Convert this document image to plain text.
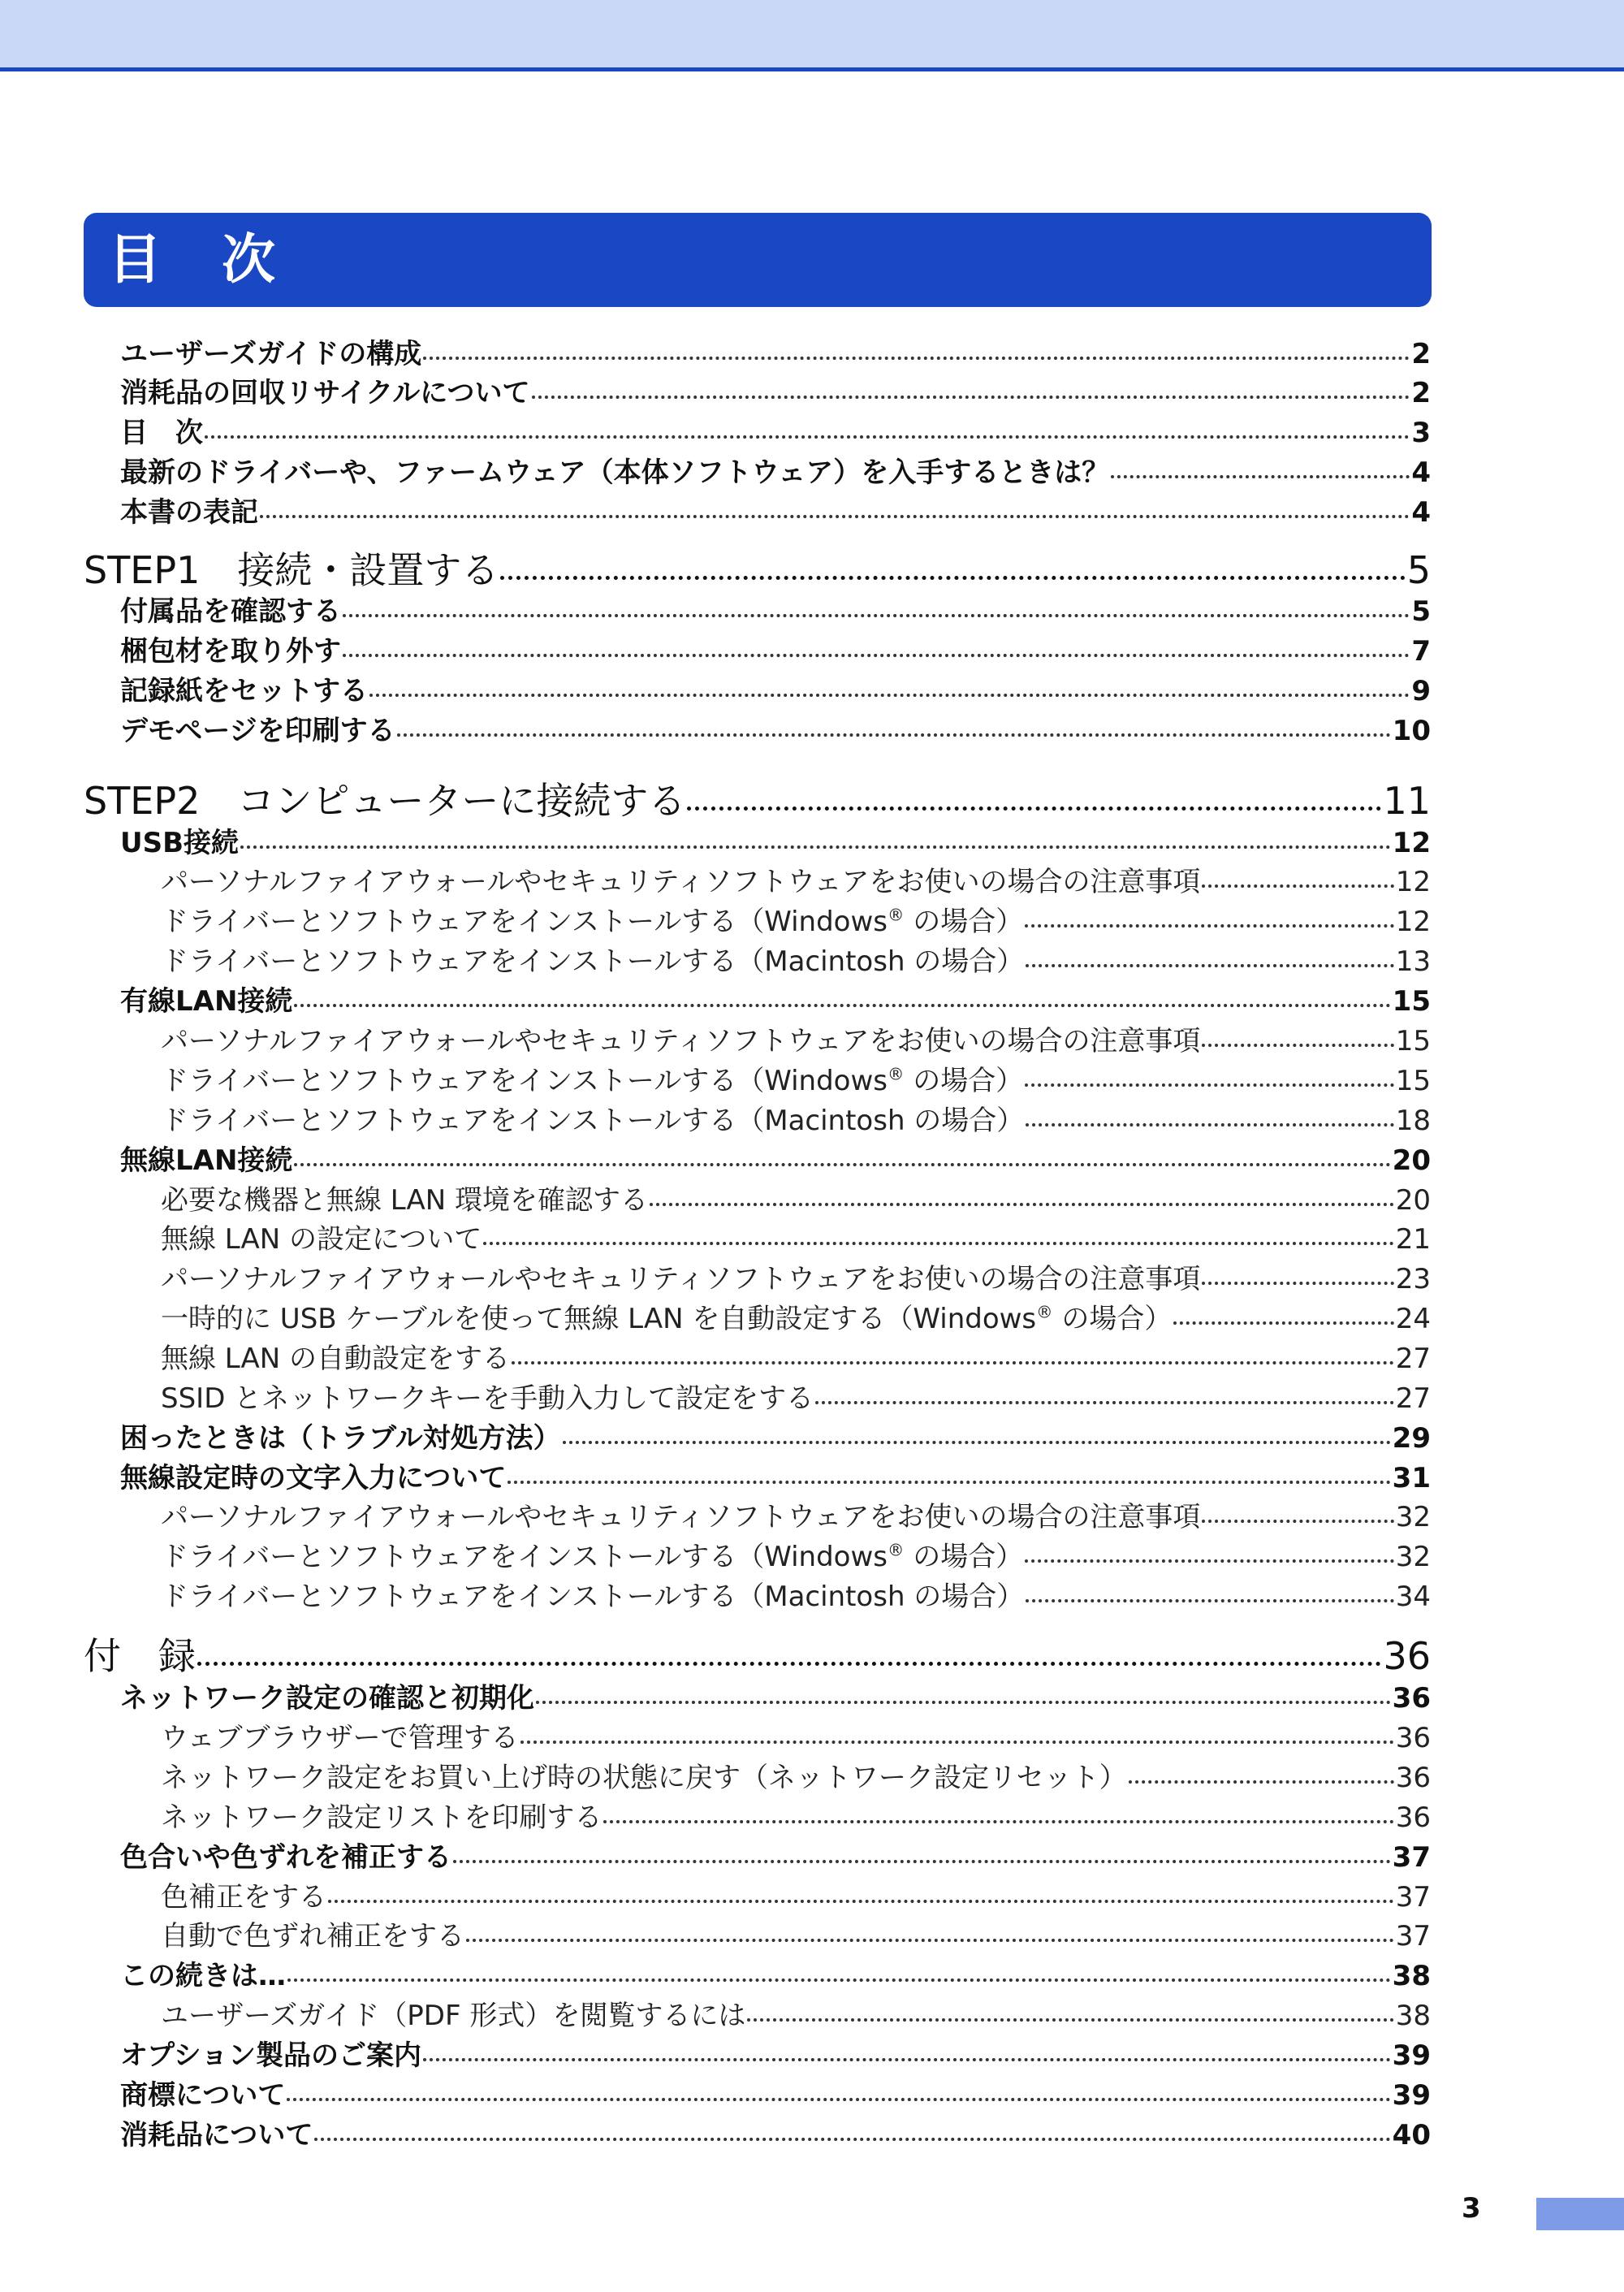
目　次
ユーザーズガイドの構成	2
消耗品の回収リサイクルについて	2
目　次	3
最新のドライバーや、ファームウェア（本体ソフトウェア）を入手するときは？	4
本書の表記	4
STEP1　接続・設置する	5
付属品を確認する	5
梱包材を取り外す	7
記録紙をセットする	9
デモページを印刷する	10
STEP2　コンピューターに接続する	11
USB接続	12
パーソナルファイアウォールやセキュリティソフトウェアをお使いの場合の注意事項	12
ドライバーとソフトウェアをインストールする（Windows® の場合）	12
ドライバーとソフトウェアをインストールする（Macintosh の場合）	13
有線LAN接続	15
パーソナルファイアウォールやセキュリティソフトウェアをお使いの場合の注意事項	15
ドライバーとソフトウェアをインストールする（Windows® の場合）	15
ドライバーとソフトウェアをインストールする（Macintosh の場合）	18
無線LAN接続	20
必要な機器と無線 LAN 環境を確認する	20
無線 LAN の設定について	21
パーソナルファイアウォールやセキュリティソフトウェアをお使いの場合の注意事項	23
一時的に USB ケーブルを使って無線 LAN を自動設定する（Windows® の場合）	24
無線 LAN の自動設定をする	27
SSID とネットワークキーを手動入力して設定をする	27
困ったときは（トラブル対処方法）	29
無線設定時の文字入力について	31
パーソナルファイアウォールやセキュリティソフトウェアをお使いの場合の注意事項	32
ドライバーとソフトウェアをインストールする（Windows® の場合）	32
ドライバーとソフトウェアをインストールする（Macintosh の場合）	34
付　録	36
ネットワーク設定の確認と初期化	36
ウェブブラウザーで管理する	36
ネットワーク設定をお買い上げ時の状態に戻す（ネットワーク設定リセット）	36
ネットワーク設定リストを印刷する	36
色合いや色ずれを補正する	37
色補正をする	37
自動で色ずれ補正をする	37
この続きは…	38
ユーザーズガイド（PDF 形式）を閲覧するには	38
オプション製品のご案内	39
商標について	39
消耗品について	40
3
